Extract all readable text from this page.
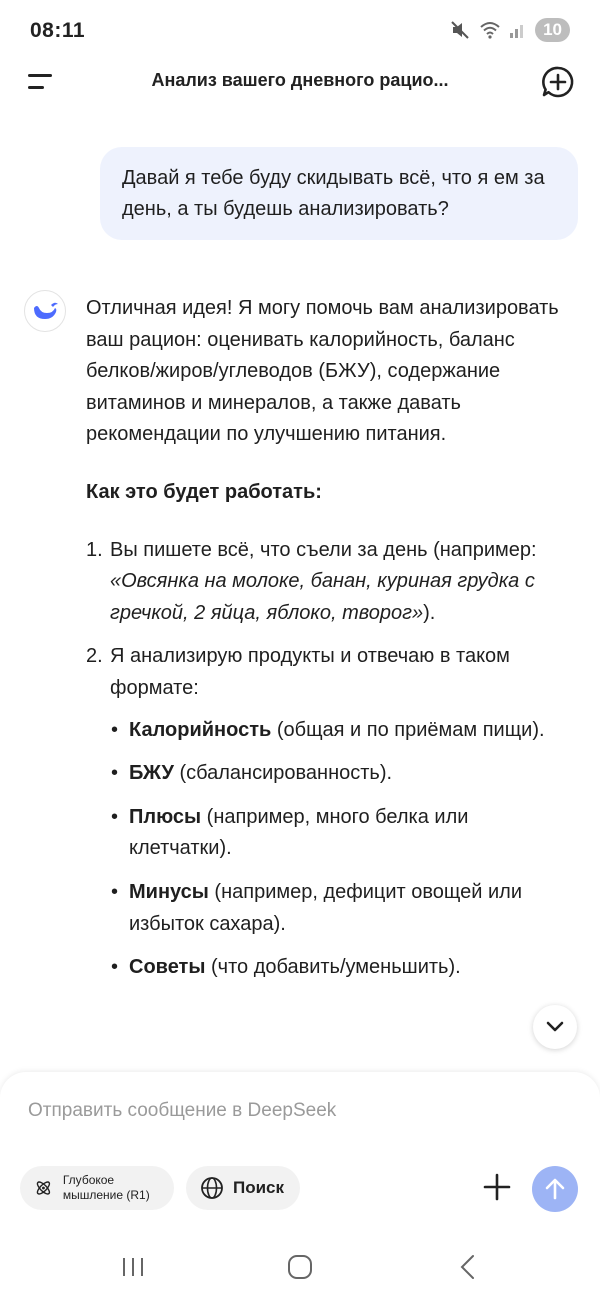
08:11	10
Анализ вашего дневного рацио...
Давай я тебе буду скидывать всё, что я ем за день, а ты будешь анализировать?

Отличная идея! Я могу помочь вам анализировать ваш рацион: оценивать калорийность, баланс белков/жиров/углеводов (БЖУ), содержание витаминов и минералов, а также давать рекомендации по улучшению питания.

Как это будет работать:
1. Вы пишете всё, что съели за день (например: «Овсянка на молоке, банан, куриная грудка с гречкой, 2 яйца, яблоко, творог»).
2. Я анализирую продукты и отвечаю в таком формате:
• Калорийность (общая и по приёмам пищи).
• БЖУ (сбалансированность).
• Плюсы (например, много белка или клетчатки).
• Минусы (например, дефицит овощей или избыток сахара).
• Советы (что добавить/уменьшить).
Отправить сообщение в DeepSeek
Глубокое мышление (R1)	Поиск
